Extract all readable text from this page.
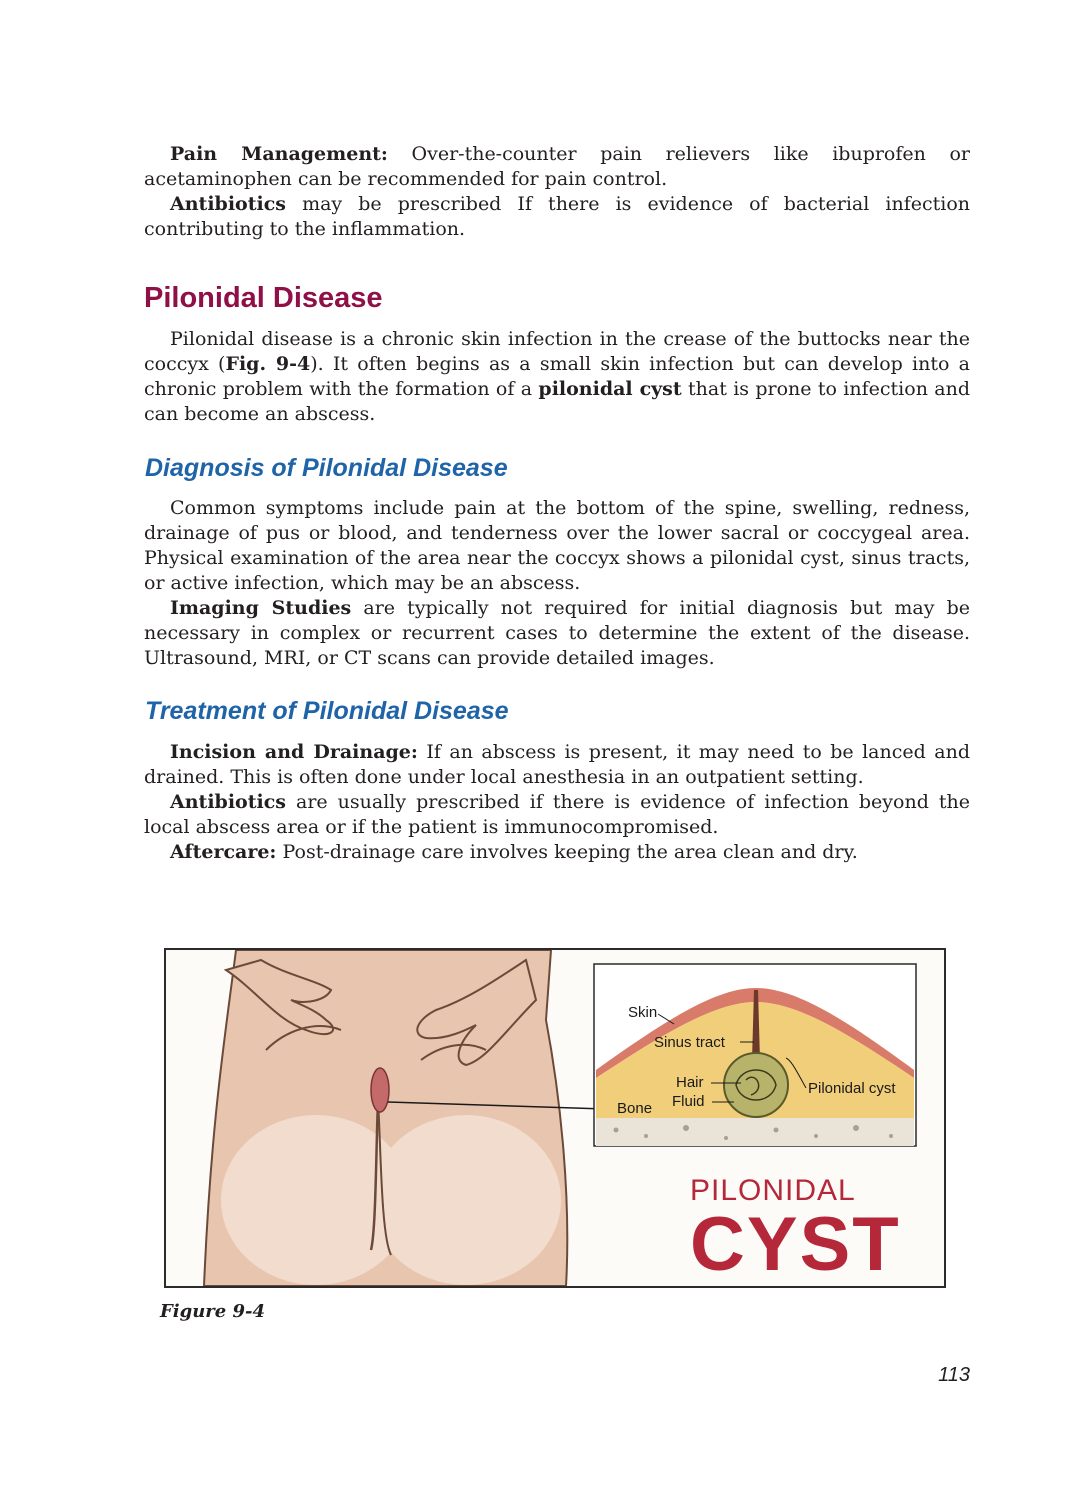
Pain Management: Over-the-counter pain relievers like ibuprofen or acetaminophen can be recommended for pain control.

Antibiotics may be prescribed If there is evidence of bacterial infection contributing to the inflammation.

Pilonidal Disease

Pilonidal disease is a chronic skin infection in the crease of the buttocks near the coccyx (Fig. 9-4). It often begins as a small skin infection but can develop into a chronic problem with the formation of a pilonidal cyst that is prone to infection and can become an abscess.

Diagnosis of Pilonidal Disease

Common symptoms include pain at the bottom of the spine, swelling, redness, drainage of pus or blood, and tenderness over the lower sacral or coccygeal area. Physical examination of the area near the coccyx shows a pilonidal cyst, sinus tracts, or active infection, which may be an abscess.

Imaging Studies are typically not required for initial diagnosis but may be necessary in complex or recurrent cases to determine the extent of the disease. Ultrasound, MRI, or CT scans can provide detailed images.

Treatment of Pilonidal Disease

Incision and Drainage: If an abscess is present, it may need to be lanced and drained. This is often done under local anesthesia in an outpatient setting.

Antibiotics are usually prescribed if there is evidence of infection beyond the local abscess area or if the patient is immunocompromised.

Aftercare: Post-drainage care involves keeping the area clean and dry.

Skin
Sinus tract
Hair
Fluid
Bone
Pilonidal cyst
PILONIDAL
CYST
Figure 9-4
113
